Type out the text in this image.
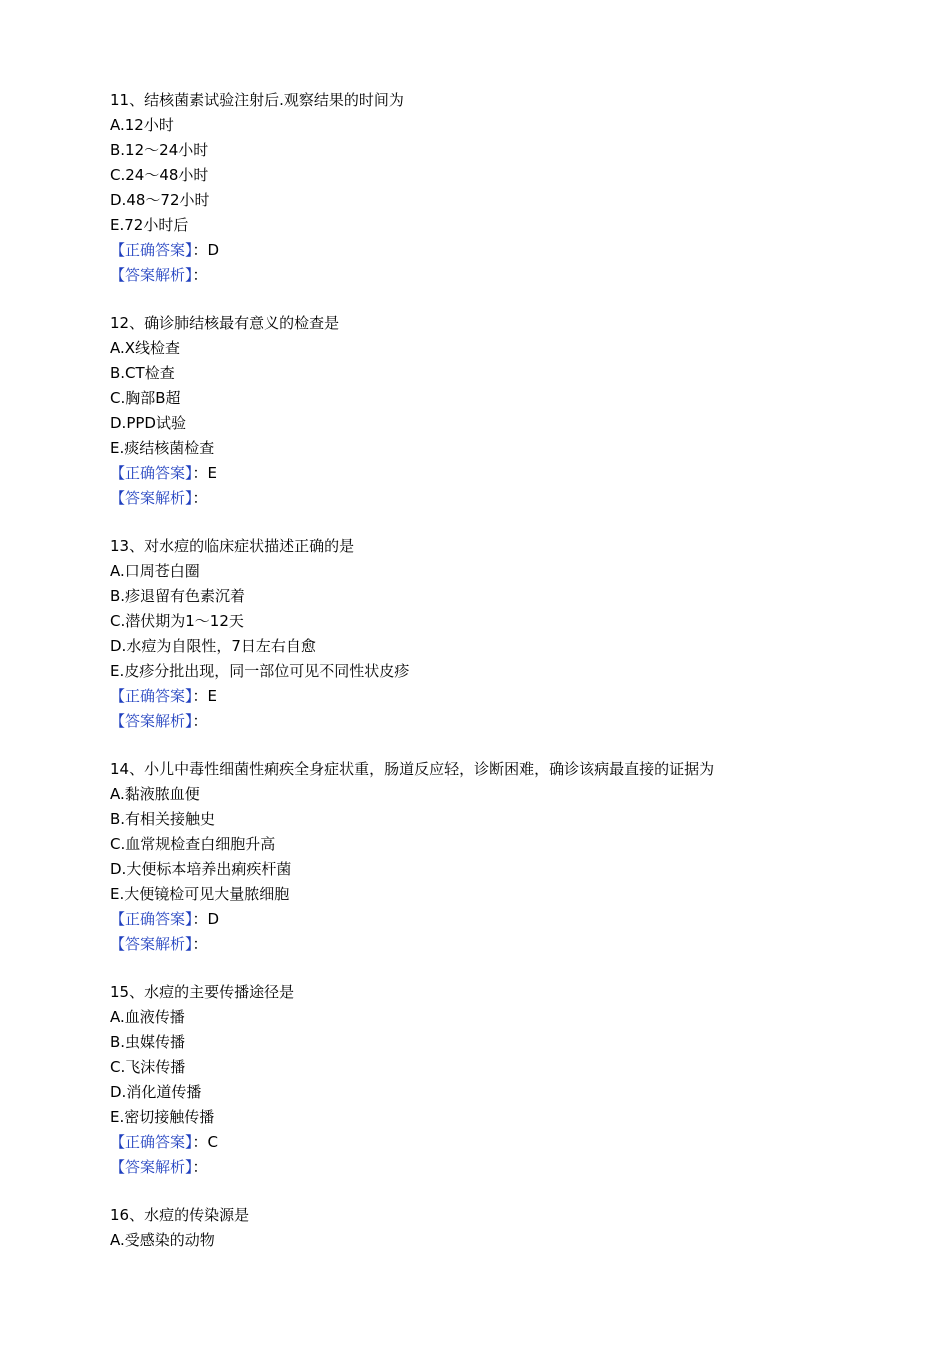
11、结核菌素试验注射后.观察结果的时间为
A.12小时
B.12～24小时
C.24～48小时
D.48～72小时
E.72小时后
【正确答案】：D
【答案解析】：
12、确诊肺结核最有意义的检查是
A.X线检查
B.CT检查
C.胸部B超
D.PPD试验
E.痰结核菌检查
【正确答案】：E
【答案解析】：
13、对水痘的临床症状描述正确的是
A.口周苍白圈
B.疹退留有色素沉着
C.潜伏期为1～12天
D.水痘为自限性，7日左右自愈
E.皮疹分批出现，同一部位可见不同性状皮疹
【正确答案】：E
【答案解析】：
14、小儿中毒性细菌性痢疾全身症状重，肠道反应轻，诊断困难，确诊该病最直接的证据为
A.黏液脓血便
B.有相关接触史
C.血常规检查白细胞升高
D.大便标本培养出痢疾杆菌
E.大便镜检可见大量脓细胞
【正确答案】：D
【答案解析】：
15、水痘的主要传播途径是
A.血液传播
B.虫媒传播
C.飞沫传播
D.消化道传播
E.密切接触传播
【正确答案】：C
【答案解析】：
16、水痘的传染源是
A.受感染的动物
